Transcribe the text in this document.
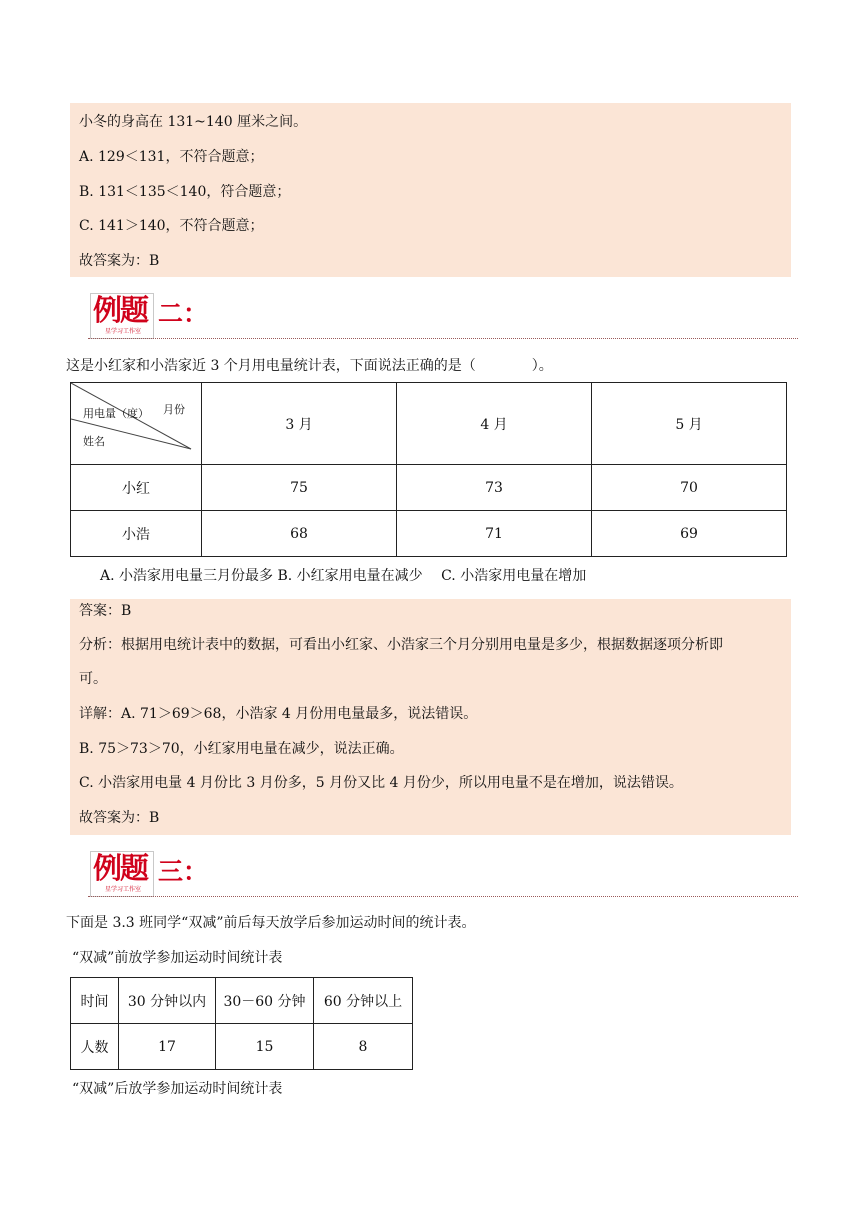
小冬的身高在 131~140 厘米之间。
A. 129＜131，不符合题意；
B. 131＜135＜140，符合题意；
C. 141＞140，不符合题意；
故答案为：B
例题
星学习工作室
二：
这是小红家和小浩家近 3 个月用电量统计表，下面说法正确的是（　　　　）。
用电量（度） 月份
姓名	3 月	4 月	5 月
小红	75	73	70
小浩	68	71	69
A. 小浩家用电量三月份最多 B. 小红家用电量在减少　 C. 小浩家用电量在增加
答案：B
分析：根据用电统计表中的数据，可看出小红家、小浩家三个月分别用电量是多少，根据数据逐项分析即
可。
详解：A. 71＞69＞68，小浩家 4 月份用电量最多，说法错误。
B. 75＞73＞70，小红家用电量在减少，说法正确。
C. 小浩家用电量 4 月份比 3 月份多，5 月份又比 4 月份少，所以用电量不是在增加，说法错误。
故答案为：B
例题
星学习工作室
三：
下面是 3.3 班同学“双减”前后每天放学后参加运动时间的统计表。
“双减”前放学参加运动时间统计表
时间	30 分钟以内	30－60 分钟	60 分钟以上
人数	17	15	8
“双减”后放学参加运动时间统计表
